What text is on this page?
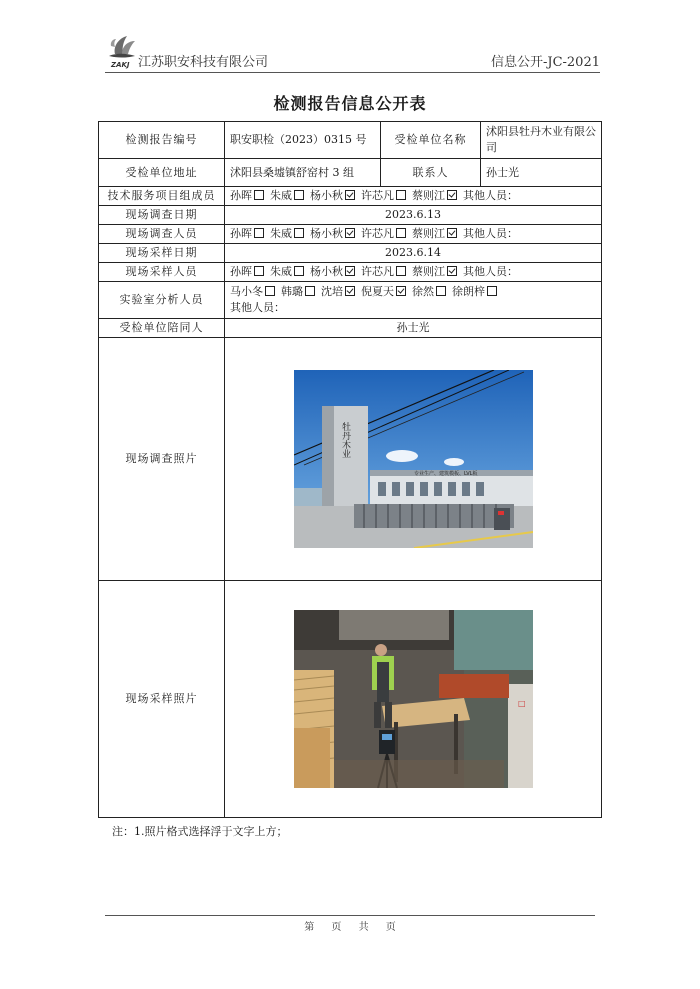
ZAKJ 江苏职安科技有限公司	信息公开-JC-2021
检测报告信息公开表
检测报告编号	职安职检（2023）0315 号	受检单位名称	沭阳县牡丹木业有限公司
受检单位地址	沭阳县桑墟镇舒窑村 3 组	联系人	孙士光
技术服务项目组成员	孙晖 朱威 杨小秋 许芯凡 蔡则江 其他人员：		
现场调查日期	2023.6.13		
现场调查人员	孙晖 朱威 杨小秋 许芯凡 蔡则江 其他人员：		
现场采样日期	2023.6.14		
现场采样人员	孙晖 朱威 杨小秋 许芯凡 蔡则江 其他人员：		
实验室分析人员	马小冬 韩璐 沈培 倪夏天 徐然 徐朗梓
其他人员：		
受检单位陪同人	孙士光		
现场调查照片	专业生产、建筑模板、LVL板
牡丹木业		

现场采样照片	□		
注：1.照片格式选择浮于文字上方；
第 页 共 页
